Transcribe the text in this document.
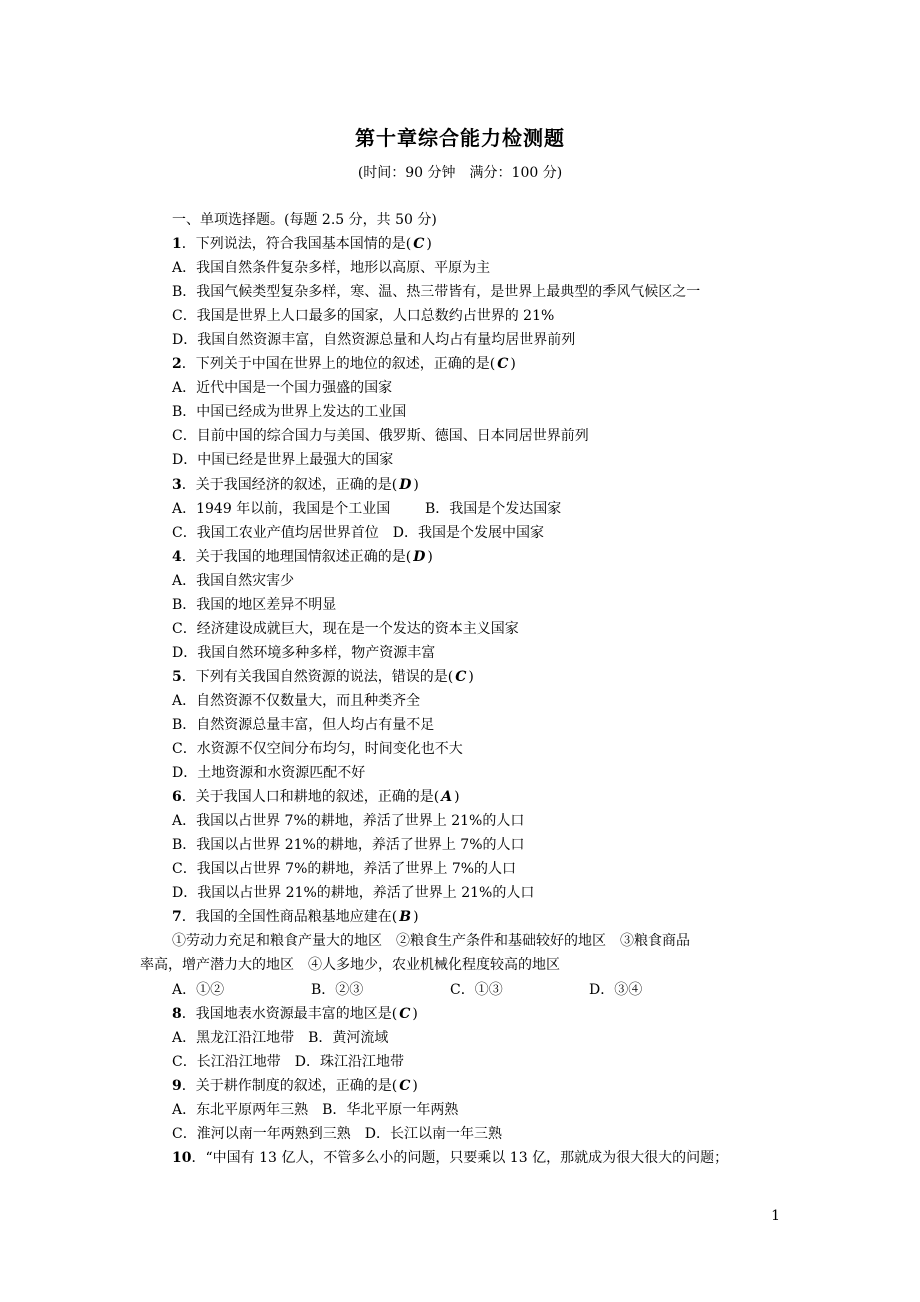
第十章综合能力检测题
(时间：90 分钟　满分：100 分)
一、单项选择题。(每题 2.5 分，共 50 分)
1．下列说法，符合我国基本国情的是( C )
A．我国自然条件复杂多样，地形以高原、平原为主
B．我国气候类型复杂多样，寒、温、热三带皆有，是世界上最典型的季风气候区之一
C．我国是世界上人口最多的国家，人口总数约占世界的 21%
D．我国自然资源丰富，自然资源总量和人均占有量均居世界前列
2．下列关于中国在世界上的地位的叙述，正确的是( C )
A．近代中国是一个国力强盛的国家
B．中国已经成为世界上发达的工业国
C．目前中国的综合国力与美国、俄罗斯、德国、日本同居世界前列
D．中国已经是世界上最强大的国家
3．关于我国经济的叙述，正确的是( D )
A．1949 年以前，我国是个工业国	B．我国是个发达国家
C．我国工农业产值均居世界首位 D．我国是个发展中国家
4．关于我国的地理国情叙述正确的是( D )
A．我国自然灾害少
B．我国的地区差异不明显
C．经济建设成就巨大，现在是一个发达的资本主义国家
D．我国自然环境多种多样，物产资源丰富
5．下列有关我国自然资源的说法，错误的是( C )
A．自然资源不仅数量大，而且种类齐全
B．自然资源总量丰富，但人均占有量不足
C．水资源不仅空间分布均匀，时间变化也不大
D．土地资源和水资源匹配不好
6．关于我国人口和耕地的叙述，正确的是( A )
A．我国以占世界 7%的耕地，养活了世界上 21%的人口
B．我国以占世界 21%的耕地，养活了世界上 7%的人口
C．我国以占世界 7%的耕地，养活了世界上 7%的人口
D．我国以占世界 21%的耕地，养活了世界上 21%的人口
7．我国的全国性商品粮基地应建在( B )
①劳动力充足和粮食产量大的地区　②粮食生产条件和基础较好的地区　③粮食商品
率高，增产潜力大的地区　④人多地少，农业机械化程度较高的地区
A．①②	B．②③	C．①③	D．③④
8．我国地表水资源最丰富的地区是( C )
A．黑龙江沿江地带 B．黄河流域
C．长江沿江地带 D．珠江沿江地带
9．关于耕作制度的叙述，正确的是( C )
A．东北平原两年三熟 B．华北平原一年两熟
C．淮河以南一年两熟到三熟 D．长江以南一年三熟
10．“中国有 13 亿人，不管多么小的问题，只要乘以 13 亿，那就成为很大很大的问题；
1
